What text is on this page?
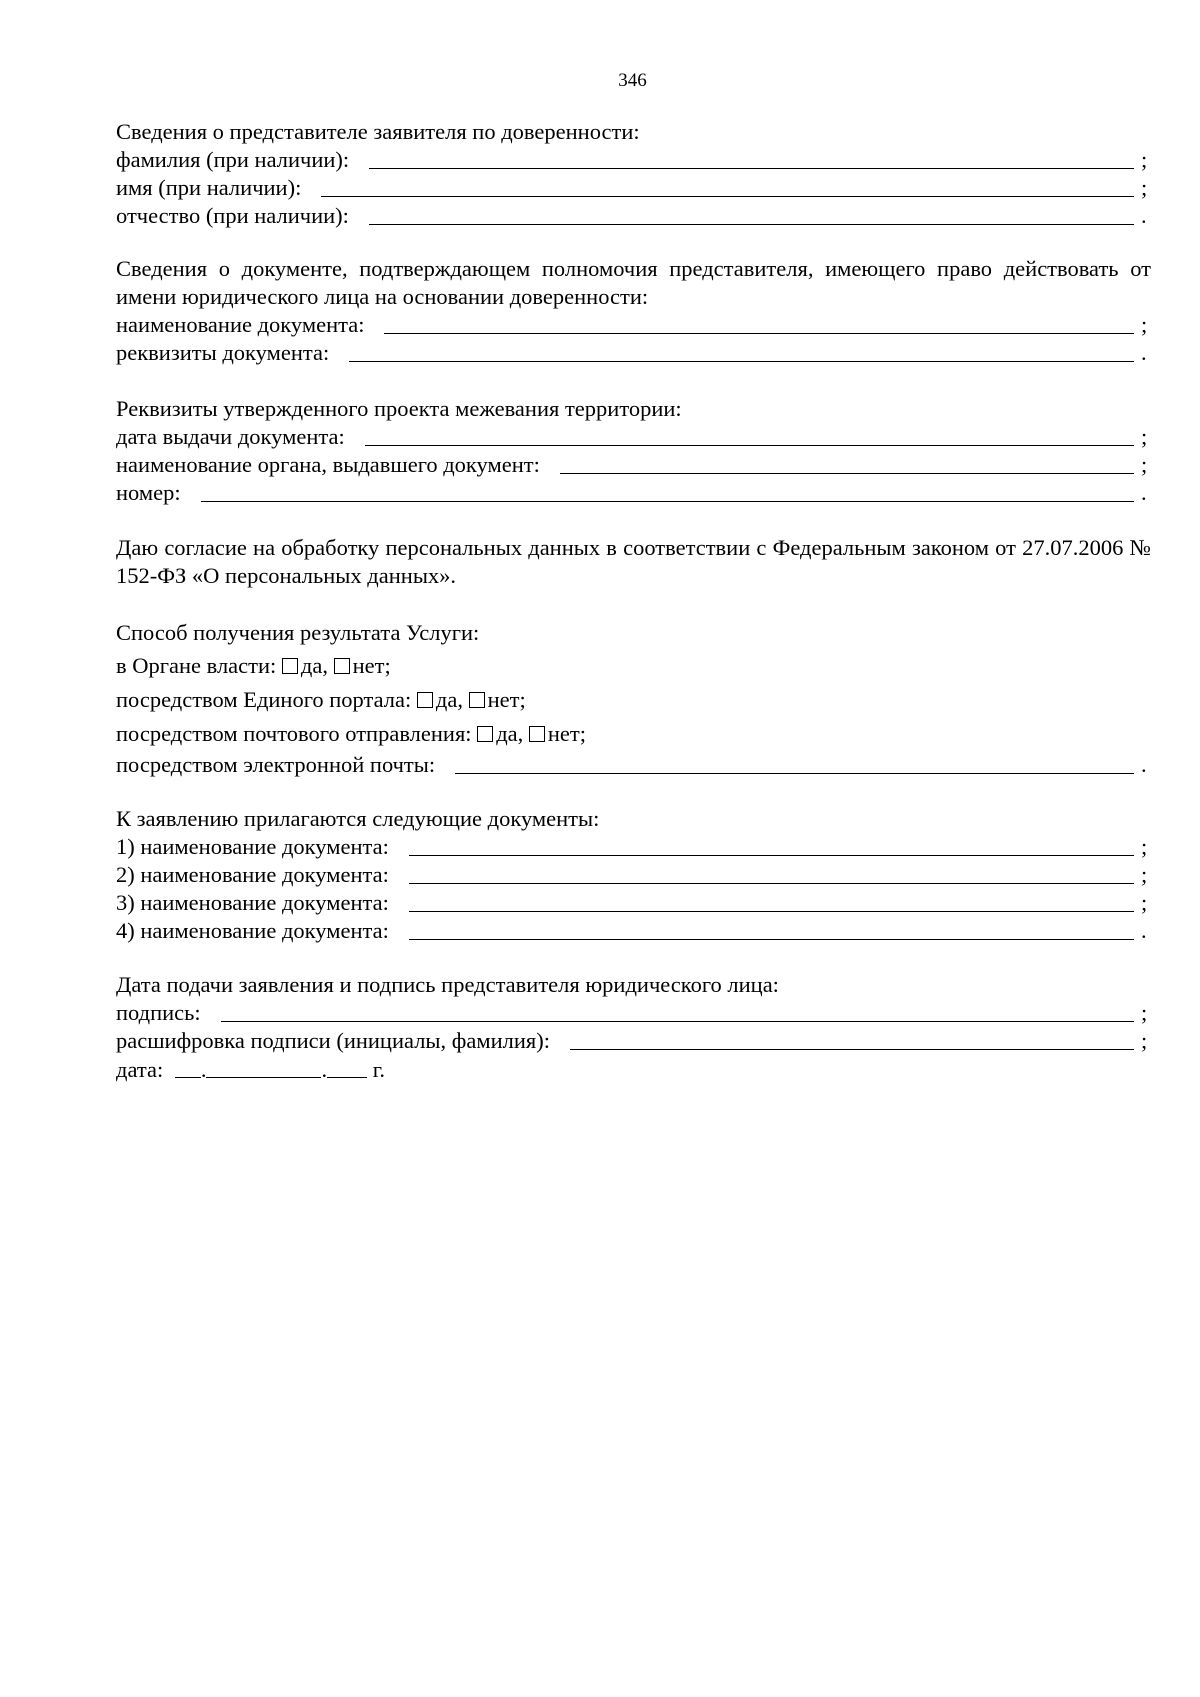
346
Сведения о представителе заявителя по доверенности:
фамилия (при наличии):	;
имя (при наличии):	;
отчество (при наличии):	.
Сведения о документе, подтверждающем полномочия представителя, имеющего право действовать от имени юридического лица на основании доверенности:
наименование документа:	;
реквизиты документа:	.
Реквизиты утвержденного проекта межевания территории:
дата выдачи документа:	;
наименование органа, выдавшего документ:	;
номер:	.
Даю согласие на обработку персональных данных в соответствии с Федеральным законом от 27.07.2006 № 152-ФЗ «О персональных данных».
Способ получения результата Услуги:
в Органе власти: да, нет;
посредством Единого портала: да, нет;
посредством почтового отправления: да, нет;
посредством электронной почты:	.
К заявлению прилагаются следующие документы:
1) наименование документа:	;
2) наименование документа:	;
3) наименование документа:	;
4) наименование документа:	.
Дата подачи заявления и подпись представителя юридического лица:
подпись:	;
расшифровка подписи (инициалы, фамилия):	;
дата: .	. г.
